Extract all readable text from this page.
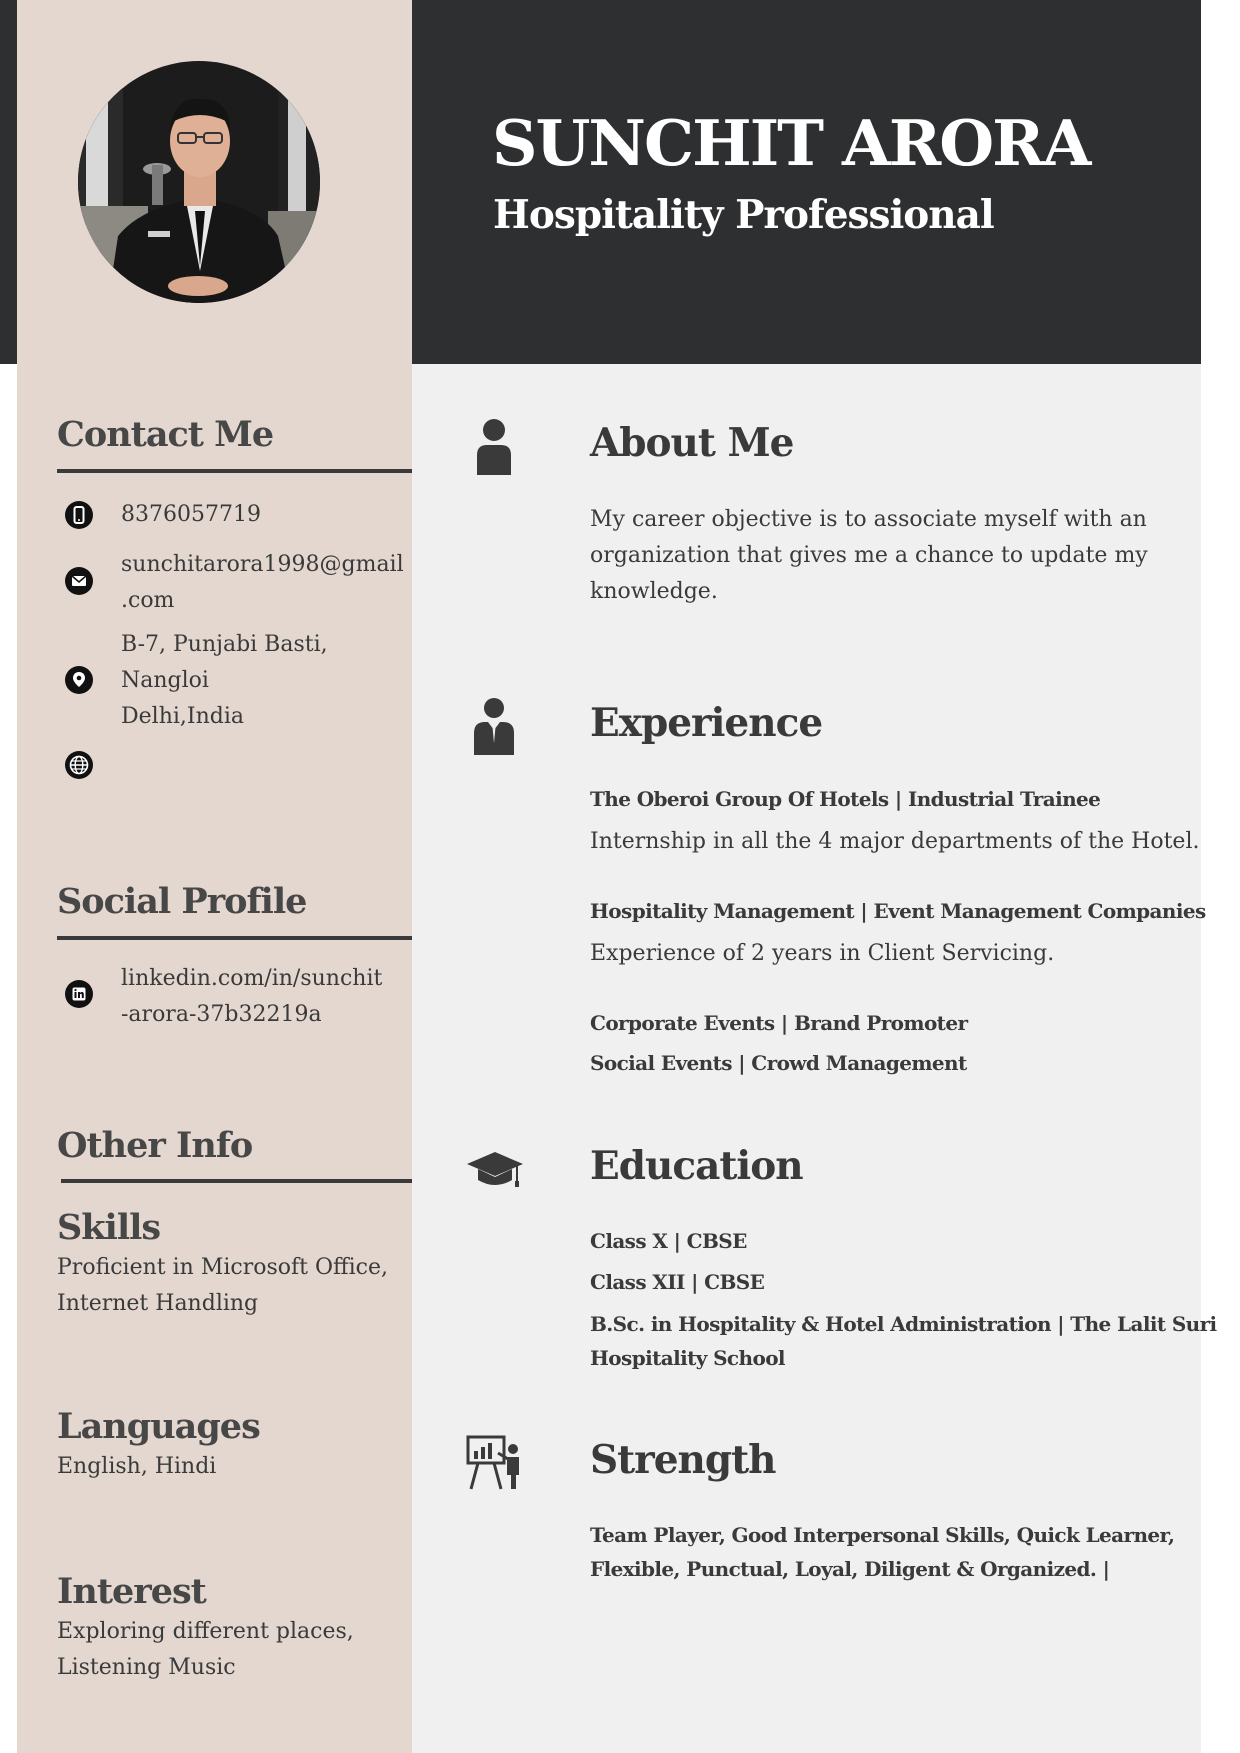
SUNCHIT ARORA
Hospitality Professional
Contact Me
8376057719
sunchitarora1998@gmail
.com
B-7, Punjabi Basti,
Nangloi
Delhi,India
Social Profile
linkedin.com/in/sunchit
-arora-37b32219a
Other Info
Skills
Proficient in Microsoft Office,
Internet Handling
Languages
English, Hindi
Interest
Exploring different places,
Listening Music
About Me
My career objective is to associate myself with an
organization that gives me a chance to update my
knowledge.
Experience
The Oberoi Group Of Hotels | Industrial Trainee
Internship in all the 4 major departments of the Hotel.
Hospitality Management | Event Management Companies
Experience of 2 years in Client Servicing.
Corporate Events | Brand Promoter
Social Events | Crowd Management
Education
Class X | CBSE
Class XII | CBSE
B.Sc. in Hospitality & Hotel Administration | The Lalit Suri
Hospitality School
Strength
Team Player, Good Interpersonal Skills, Quick Learner,
Flexible, Punctual, Loyal, Diligent & Organized. |
